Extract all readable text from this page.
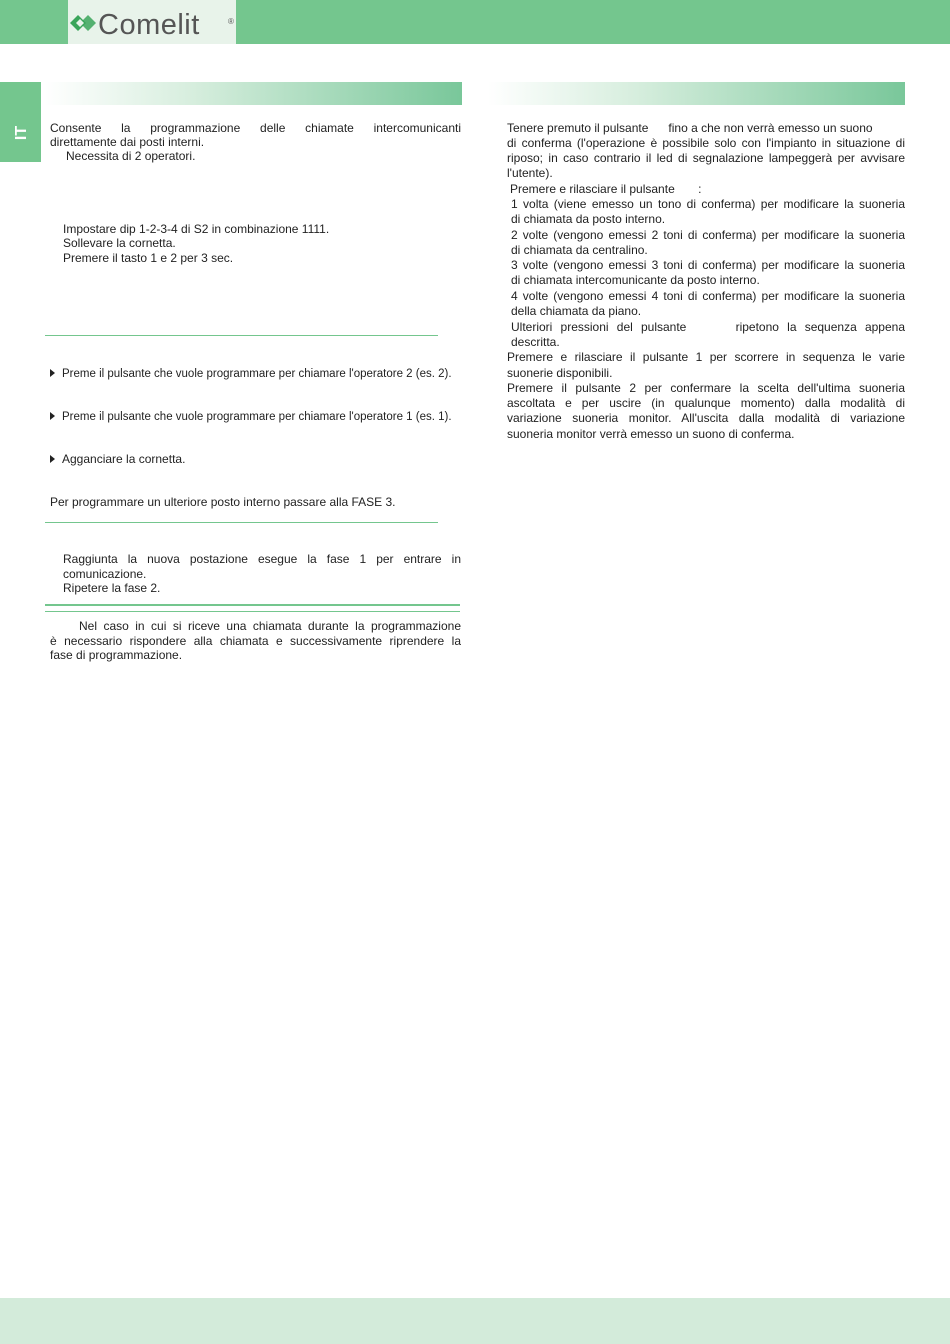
Comelit	®
IT Consente la programmazione delle chiamate intercomunicanti
direttamente dai posti interni.
Necessita di 2 operatori.
Impostare dip 1-2-3-4 di S2 in combinazione 1111.
Sollevare la cornetta.
Premere il tasto 1 e 2 per 3 sec.
Preme il pulsante che vuole programmare per chiamare l'operatore 2 (es. 2).
Preme il pulsante che vuole programmare per chiamare l'operatore 1 (es. 1).
Agganciare la cornetta.
Per programmare un ulteriore posto interno passare alla FASE 3.
Raggiunta la nuova postazione esegue la fase 1 per entrare in
comunicazione.
Ripetere la fase 2.
Nel caso in cui si riceve una chiamata durante la programmazione
è necessario rispondere alla chiamata e successivamente riprendere la
fase di programmazione.
Tenere premuto il pulsante      fino a che non verrà emesso un suono
di conferma (l'operazione è possibile solo con l'impianto in situazione di
riposo; in caso contrario il led di segnalazione lampeggerà per avvisare
l'utente).
Premere e rilasciare il pulsante       :
1 volta (viene emesso un tono di conferma) per modificare la suoneria
di chiamata da posto interno.
2 volte (vengono emessi 2 toni di conferma) per modificare la suoneria
di chiamata da centralino.
3 volte (vengono emessi 3 toni di conferma) per modificare la suoneria
di chiamata intercomunicante da posto interno.
4 volte (vengono emessi 4 toni di conferma) per modificare la suoneria
della chiamata da piano.
Ulteriori pressioni del pulsante      ripetono la sequenza appena
descritta.
Premere e rilasciare il pulsante 1 per scorrere in sequenza le varie
suonerie disponibili.
Premere il pulsante 2 per confermare la scelta dell'ultima suoneria
ascoltata e per uscire (in qualunque momento) dalla modalità di
variazione suoneria monitor. All'uscita dalla modalità di variazione
suoneria monitor verrà emesso un suono di conferma.
